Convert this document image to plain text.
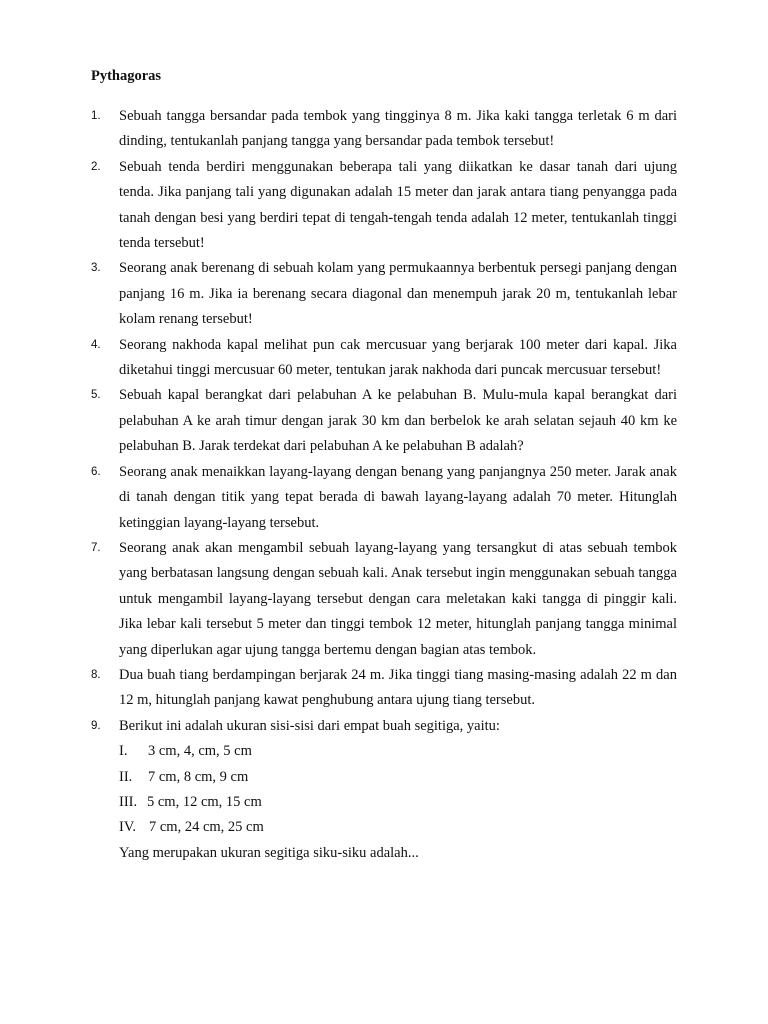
Pythagoras
1. Sebuah tangga bersandar pada tembok yang tingginya 8 m. Jika kaki tangga terletak 6 m dari dinding, tentukanlah panjang tangga yang bersandar pada tembok tersebut!
2. Sebuah tenda berdiri menggunakan beberapa tali yang diikatkan ke dasar tanah dari ujung tenda. Jika panjang tali yang digunakan adalah 15 meter dan jarak antara tiang penyangga pada tanah dengan besi yang berdiri tepat di tengah-tengah tenda adalah 12 meter, tentukanlah tinggi tenda tersebut!
3. Seorang anak berenang di sebuah kolam yang permukaannya berbentuk persegi panjang dengan panjang 16 m. Jika ia berenang secara diagonal dan menempuh jarak 20 m, tentukanlah lebar kolam renang tersebut!
4. Seorang nakhoda kapal melihat pun cak mercusuar yang berjarak 100 meter dari kapal. Jika diketahui tinggi mercusuar 60 meter, tentukan jarak nakhoda dari puncak mercusuar tersebut!
5. Sebuah kapal berangkat dari pelabuhan A ke pelabuhan B. Mulu-mula kapal berangkat dari pelabuhan A ke arah timur dengan jarak 30 km dan berbelok ke arah selatan sejauh 40 km ke pelabuhan B. Jarak terdekat dari pelabuhan A ke pelabuhan B adalah?
6. Seorang anak menaikkan layang-layang dengan benang yang panjangnya 250 meter. Jarak anak di tanah dengan titik yang tepat berada di bawah layang-layang adalah 70 meter. Hitunglah ketinggian layang-layang tersebut.
7. Seorang anak akan mengambil sebuah layang-layang yang tersangkut di atas sebuah tembok yang berbatasan langsung dengan sebuah kali. Anak tersebut ingin menggunakan sebuah tangga untuk mengambil layang-layang tersebut dengan cara meletakan kaki tangga di pinggir kali. Jika lebar kali tersebut 5 meter dan tinggi tembok 12 meter, hitunglah panjang tangga minimal yang diperlukan agar ujung tangga bertemu dengan bagian atas tembok.
8. Dua buah tiang berdampingan berjarak 24 m. Jika tinggi tiang masing-masing adalah 22 m dan 12 m, hitunglah panjang kawat penghubung antara ujung tiang tersebut.
9. Berikut ini adalah ukuran sisi-sisi dari empat buah segitiga, yaitu:
I.	3 cm, 4, cm, 5 cm
II.	7 cm, 8 cm, 9 cm
III. 5 cm, 12 cm, 15 cm
IV. 7 cm, 24 cm, 25 cm
Yang merupakan ukuran segitiga siku-siku adalah...
